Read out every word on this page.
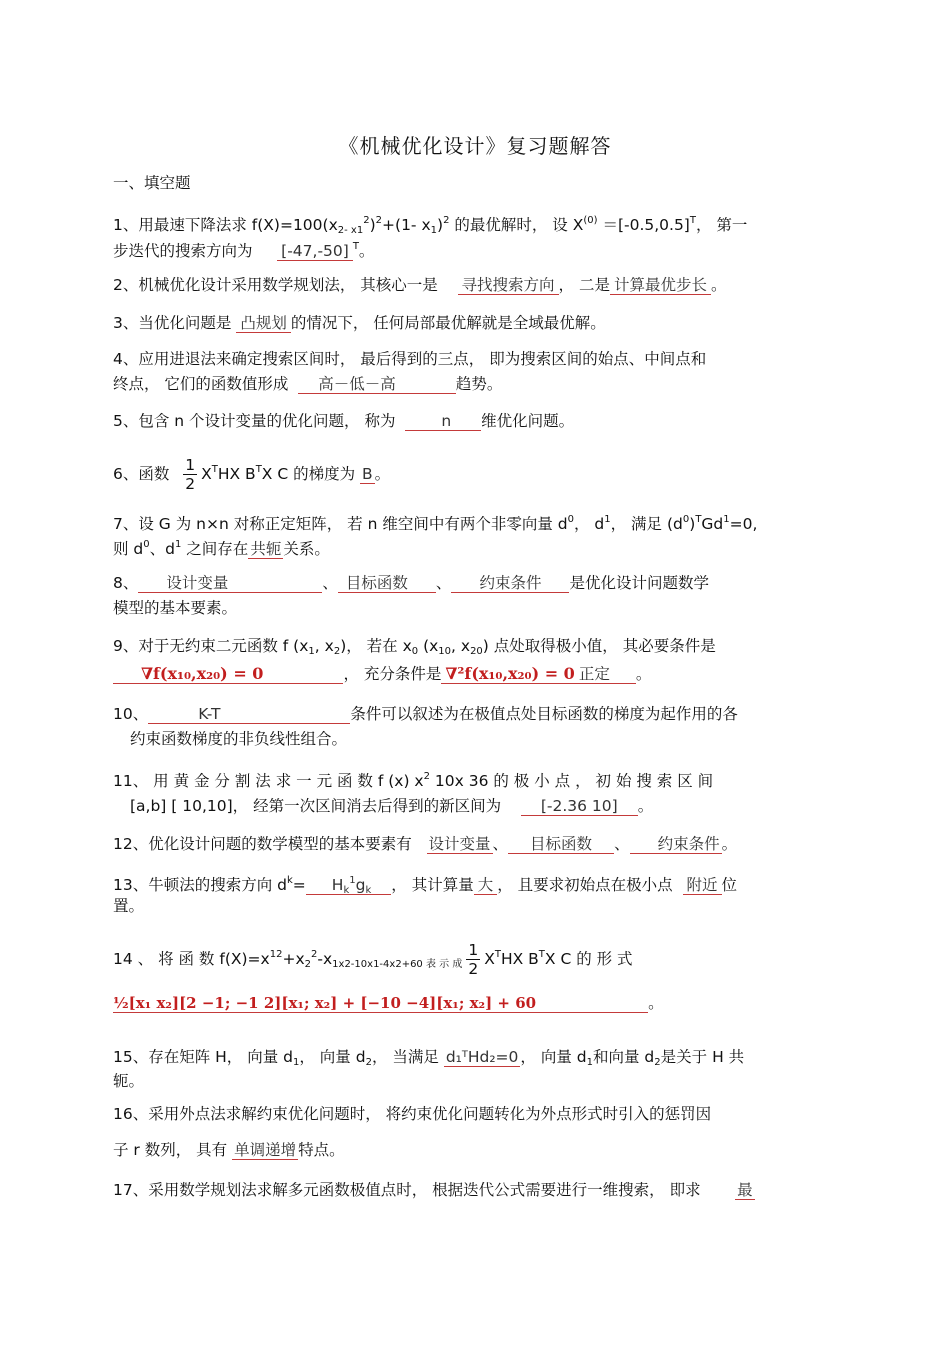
《机械优化设计》复习题解答
一、填空题
1、用最速下降法求 $f(X)=100(x_{2- x1}^2)^2+(1-$ $x_1)^2$ 的最优解时， 设 $X^{(0)} =[-0.5,0.5]^T$， 第一
步迭代的搜索方向为 [-47,-50] $^T$。
2、机械优化设计采用数学规划法， 其核心一是 寻找搜索方向 ， 二是 计算最优步长 。
3、当优化问题是 凸规划 的情况下， 任何局部最优解就是全域最优解。
4、应用进退法来确定搜索区间时， 最后得到的三点， 即为搜索区间的始点、中间点和
终点， 它们的函数值形成 高－低－高	趋势。
5、包含 n 个设计变量的优化问题， 称为	n 维优化问题。
6、函数 $\frac{1}{2} X^THX$ $B^TX$ C 的梯度为 B 。
7、设 G 为 n×n 对称正定矩阵， 若 n 维空间中有两个非零向量 $d^0$， $d^1$， 满足 $(d^0)^TGd^1=0$,
则 $d^0$、$d^1$ 之间存在 共轭 关系。
8、 设计变量	、 目标函数 、 约束条件 是优化设计问题数学
模型的基本要素。
9、对于无约束二元函数 f ($x_1$, $x_2$)， 若在 $x_0$ ($x_{10}$, $x_{20}$) 点处取得极小值， 其必要条件是
∇f(x₁₀,x₂₀) = 0	， 充分条件是 ∇²f(x₁₀,x₂₀) = 0 正定 。
10、	K-T	条件可以叙述为在极值点处目标函数的梯度为起作用的各
约束函数梯度的非负线性组合。
11、 用 黄 金 分 割 法 求 一 元 函 数 f (x) $x^2$ 10x 36 的 极 小 点 ， 初 始 搜 索 区 间
[a,b] [ 10,10]， 经第一次区间消去后得到的新区间为	[-2.36 10] 。
12、优化设计问题的数学模型的基本要素有 设计变量 、 目标函数 、 约束条件 。
13、牛顿法的搜索方向 $d^k= H_k^1g_k$ ， 其计算量 大 ， 且要求初始点在极小点 附近 位
置。
14 、 将 函 数 $f(X)=x^{12}+x_2^2-x_{1x2-10x1-4x2+60 表 示 成} \frac{1}{2} X^THX$ $B^TX$ C 的 形 式
½[x₁ x₂][2 −1; −1 2][x₁; x₂] + [−10 −4][x₁; x₂] + 60	。
15、存在矩阵 H， 向量 $d_1$， 向量 $d_2$， 当满足 d₁ᵀHd₂=0 ， 向量 $d_1$和向量 $d_2$是关于 H 共
轭。
16、采用外点法求解约束优化问题时， 将约束优化问题转化为外点形式时引入的惩罚因
子 r 数列， 具有 单调递增 特点。
17、采用数学规划法求解多元函数极值点时， 根据迭代公式需要进行一维搜索， 即求 最
